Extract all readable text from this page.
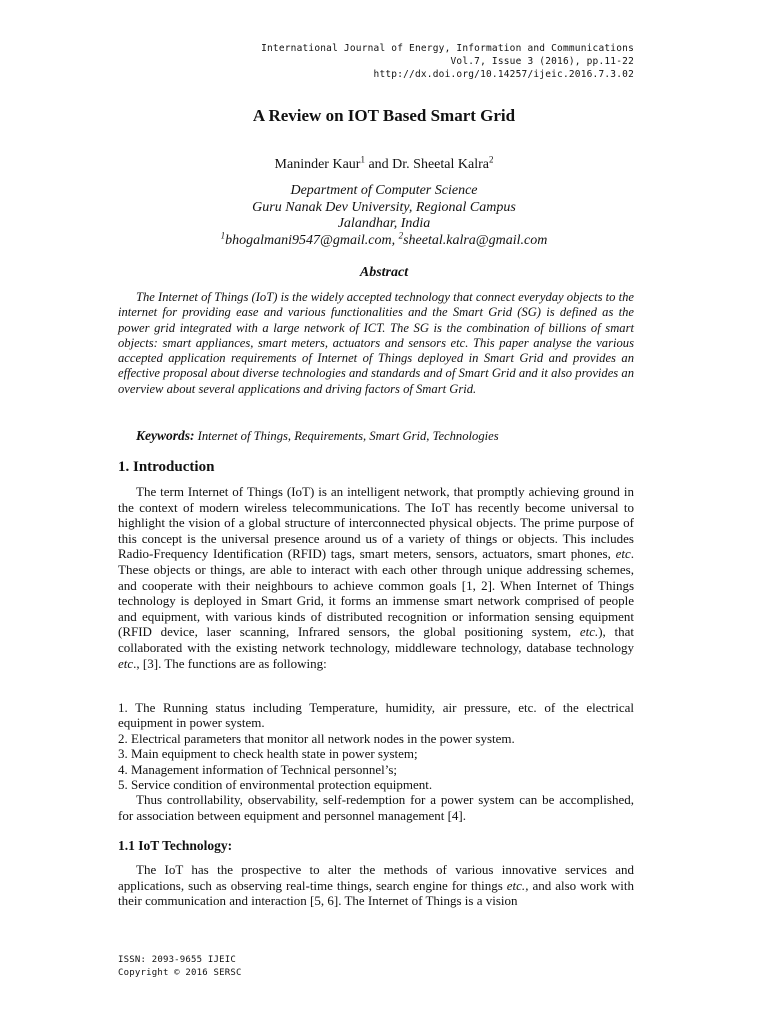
International Journal of Energy, Information and Communications
Vol.7, Issue 3 (2016), pp.11-22
http://dx.doi.org/10.14257/ijeic.2016.7.3.02
A Review on IOT Based Smart Grid
Maninder Kaur$^1$ and Dr. Sheetal Kalra$^2$
Department of Computer Science
Guru Nanak Dev University, Regional Campus
Jalandhar, India
$^1$bhogalmani9547@gmail.com, $^2$sheetal.kalra@gmail.com
Abstract

The Internet of Things (IoT) is the widely accepted technology that connect everyday objects to the internet for providing ease and various functionalities and the Smart Grid (SG) is defined as the power grid integrated with a large network of ICT. The SG is the combination of billions of smart objects: smart appliances, smart meters, actuators and sensors etc. This paper analyse the various accepted application requirements of Internet of Things deployed in Smart Grid and provides an effective proposal about diverse technologies and standards and of Smart Grid and it also provides an overview about several applications and driving factors of Smart Grid.

Keywords: Internet of Things, Requirements, Smart Grid, Technologies
1. Introduction

The term Internet of Things (IoT) is an intelligent network, that promptly achieving ground in the context of modern wireless telecommunications. The IoT has recently become universal to highlight the vision of a global structure of interconnected physical objects. The prime purpose of this concept is the universal presence around us of a variety of things or objects. This includes Radio-Frequency Identification (RFID) tags, smart meters, sensors, actuators, smart phones, etc. These objects or things, are able to interact with each other through unique addressing schemes, and cooperate with their neighbours to achieve common goals [1, 2]. When Internet of Things technology is deployed in Smart Grid, it forms an immense smart network comprised of people and equipment, with various kinds of distributed recognition or information sensing equipment (RFID device, laser scanning, Infrared sensors, the global positioning system, etc.), that collaborated with the existing network technology, middleware technology, database technology etc., [3]. The functions are as following:

1. The Running status including Temperature, humidity, air pressure, etc. of the electrical equipment in power system.
2. Electrical parameters that monitor all network nodes in the power system.
3. Main equipment to check health state in power system;
4. Management information of Technical personnel’s;
5. Service condition of environmental protection equipment.

Thus controllability, observability, self-redemption for a power system can be accomplished, for association between equipment and personnel management [4].

1.1 IoT Technology:

The IoT has the prospective to alter the methods of various innovative services and applications, such as observing real-time things, search engine for things etc., and also work with their communication and interaction [5, 6]. The Internet of Things is a vision

ISSN: 2093-9655 IJEIC
Copyright © 2016 SERSC
